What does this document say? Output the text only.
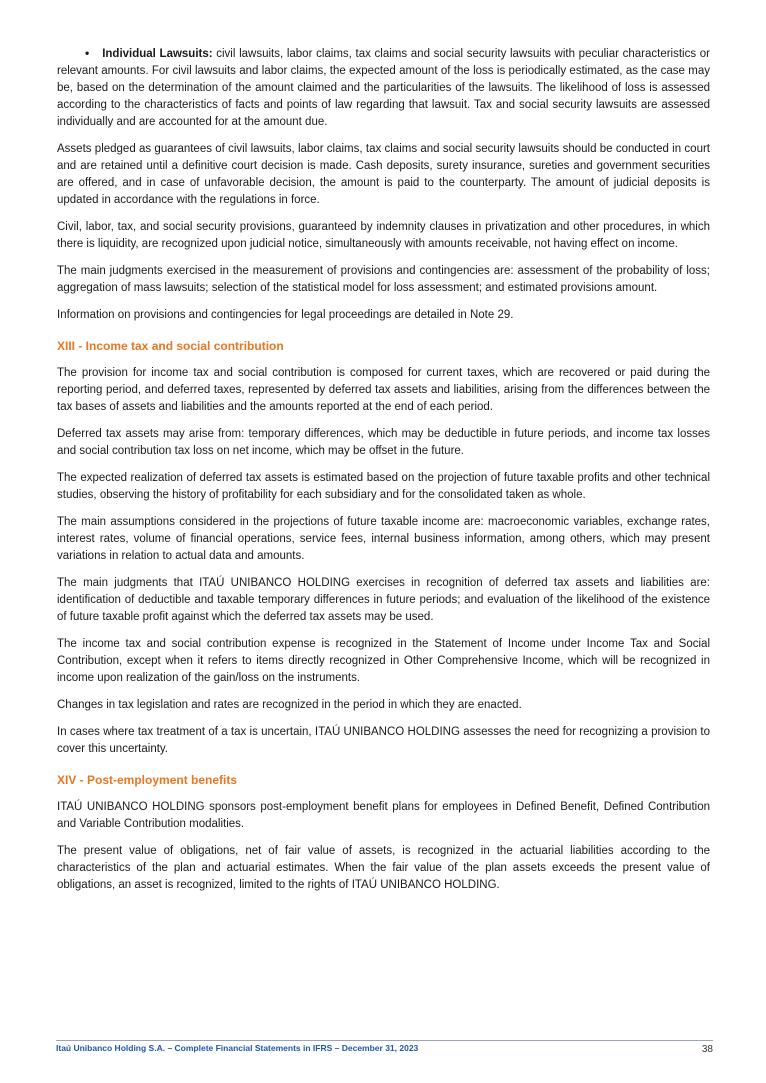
• Individual Lawsuits: civil lawsuits, labor claims, tax claims and social security lawsuits with peculiar characteristics or relevant amounts. For civil lawsuits and labor claims, the expected amount of the loss is periodically estimated, as the case may be, based on the determination of the amount claimed and the particularities of the lawsuits. The likelihood of loss is assessed according to the characteristics of facts and points of law regarding that lawsuit. Tax and social security lawsuits are assessed individually and are accounted for at the amount due.

Assets pledged as guarantees of civil lawsuits, labor claims, tax claims and social security lawsuits should be conducted in court and are retained until a definitive court decision is made. Cash deposits, surety insurance, sureties and government securities are offered, and in case of unfavorable decision, the amount is paid to the counterparty. The amount of judicial deposits is updated in accordance with the regulations in force.

Civil, labor, tax, and social security provisions, guaranteed by indemnity clauses in privatization and other procedures, in which there is liquidity, are recognized upon judicial notice, simultaneously with amounts receivable, not having effect on income.

The main judgments exercised in the measurement of provisions and contingencies are: assessment of the probability of loss; aggregation of mass lawsuits; selection of the statistical model for loss assessment; and estimated provisions amount.

Information on provisions and contingencies for legal proceedings are detailed in Note 29.

XIII - Income tax and social contribution

The provision for income tax and social contribution is composed for current taxes, which are recovered or paid during the reporting period, and deferred taxes, represented by deferred tax assets and liabilities, arising from the differences between the tax bases of assets and liabilities and the amounts reported at the end of each period.

Deferred tax assets may arise from: temporary differences, which may be deductible in future periods, and income tax losses and social contribution tax loss on net income, which may be offset in the future.

The expected realization of deferred tax assets is estimated based on the projection of future taxable profits and other technical studies, observing the history of profitability for each subsidiary and for the consolidated taken as whole.

The main assumptions considered in the projections of future taxable income are: macroeconomic variables, exchange rates, interest rates, volume of financial operations, service fees, internal business information, among others, which may present variations in relation to actual data and amounts.

The main judgments that ITAÚ UNIBANCO HOLDING exercises in recognition of deferred tax assets and liabilities are: identification of deductible and taxable temporary differences in future periods; and evaluation of the likelihood of the existence of future taxable profit against which the deferred tax assets may be used.

The income tax and social contribution expense is recognized in the Statement of Income under Income Tax and Social Contribution, except when it refers to items directly recognized in Other Comprehensive Income, which will be recognized in income upon realization of the gain/loss on the instruments.

Changes in tax legislation and rates are recognized in the period in which they are enacted.

In cases where tax treatment of a tax is uncertain, ITAÚ UNIBANCO HOLDING assesses the need for recognizing a provision to cover this uncertainty.

XIV - Post-employment benefits

ITAÚ UNIBANCO HOLDING sponsors post-employment benefit plans for employees in Defined Benefit, Defined Contribution and Variable Contribution modalities.

The present value of obligations, net of fair value of assets, is recognized in the actuarial liabilities according to the characteristics of the plan and actuarial estimates. When the fair value of the plan assets exceeds the present value of obligations, an asset is recognized, limited to the rights of ITAÚ UNIBANCO HOLDING.

Itaú Unibanco Holding S.A. – Complete Financial Statements in IFRS – December 31, 2023	38
